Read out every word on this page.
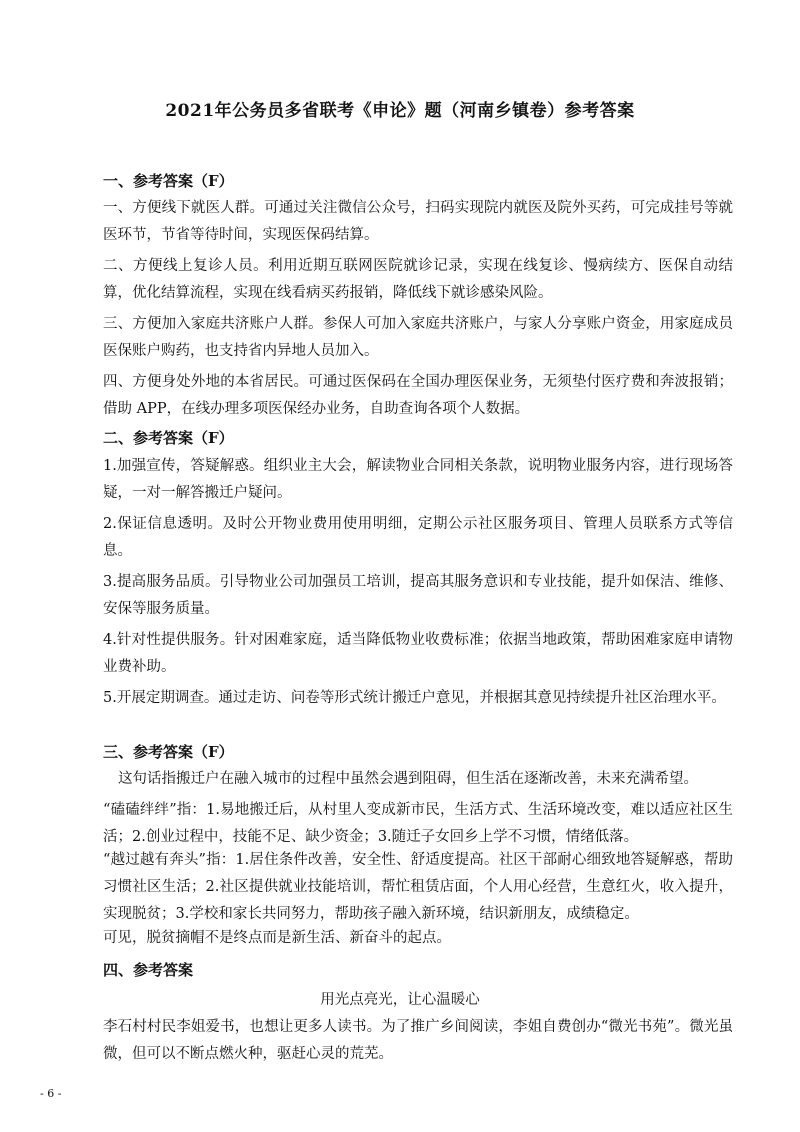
2021年公务员多省联考《申论》题（河南乡镇卷）参考答案
一、参考答案（F）
一、方便线下就医人群。可通过关注微信公众号，扫码实现院内就医及院外买药，可完成挂号等就医环节，节省等待时间，实现医保码结算。
二、方便线上复诊人员。利用近期互联网医院就诊记录，实现在线复诊、慢病续方、医保自动结算，优化结算流程，实现在线看病买药报销，降低线下就诊感染风险。
三、方便加入家庭共济账户人群。参保人可加入家庭共济账户，与家人分享账户资金，用家庭成员医保账户购药，也支持省内异地人员加入。
四、方便身处外地的本省居民。可通过医保码在全国办理医保业务，无须垫付医疗费和奔波报销；借助 APP，在线办理多项医保经办业务，自助查询各项个人数据。
二、参考答案（F）
1.加强宣传，答疑解惑。组织业主大会，解读物业合同相关条款，说明物业服务内容，进行现场答疑，一对一解答搬迁户疑问。
2.保证信息透明。及时公开物业费用使用明细，定期公示社区服务项目、管理人员联系方式等信息。
3.提高服务品质。引导物业公司加强员工培训，提高其服务意识和专业技能，提升如保洁、维修、安保等服务质量。
4.针对性提供服务。针对困难家庭，适当降低物业收费标准；依据当地政策，帮助困难家庭申请物业费补助。
5.开展定期调查。通过走访、问卷等形式统计搬迁户意见，并根据其意见持续提升社区治理水平。
三、参考答案（F）
这句话指搬迁户在融入城市的过程中虽然会遇到阻碍，但生活在逐渐改善，未来充满希望。
“磕磕绊绊”指：1.易地搬迁后，从村里人变成新市民，生活方式、生活环境改变，难以适应社区生活；2.创业过程中，技能不足、缺少资金；3.随迁子女回乡上学不习惯，情绪低落。
“越过越有奔头”指：1.居住条件改善，安全性、舒适度提高。社区干部耐心细致地答疑解惑，帮助习惯社区生活；2.社区提供就业技能培训，帮忙租赁店面，个人用心经营，生意红火，收入提升，实现脱贫；3.学校和家长共同努力，帮助孩子融入新环境，结识新朋友，成绩稳定。
可见，脱贫摘帽不是终点而是新生活、新奋斗的起点。
四、参考答案
用光点亮光，让心温暖心
李石村村民李姐爱书，也想让更多人读书。为了推广乡间阅读，李姐自费创办“微光书苑”。微光虽微，但可以不断点燃火种，驱赶心灵的荒芜。
- 6 -
